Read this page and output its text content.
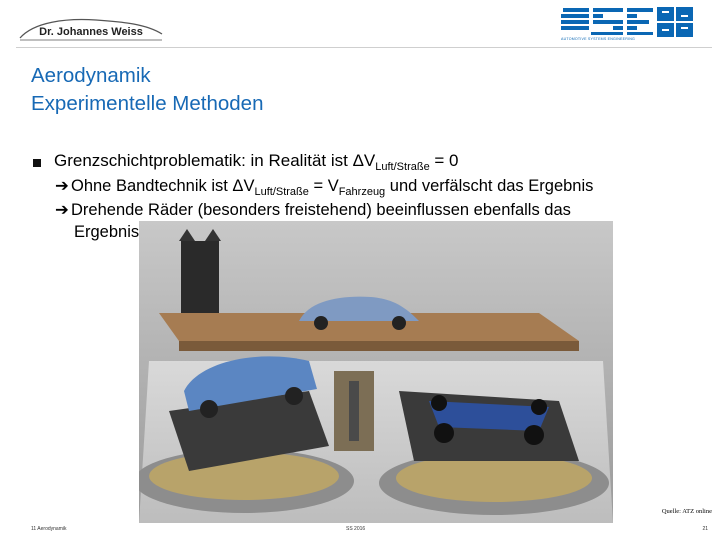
Dr. Johannes Weiss
AUTOMOTIVE SYSTEMS ENGINEERING
Aerodynamik
Experimentelle Methoden
Grenzschichtproblematik: in Realität ist $\Delta V_{Luft/Straße} = 0$
➔ Ohne Bandtechnik ist $\Delta V_{Luft/Straße} = V_{Fahrzeug}$ und verfälscht das Ergebnis
➔ Drehende Räder (besonders freistehend) beeinflussen ebenfalls das
Ergebnis
Quelle: ATZ online
11 Aerodynamik	SS 2016	21
